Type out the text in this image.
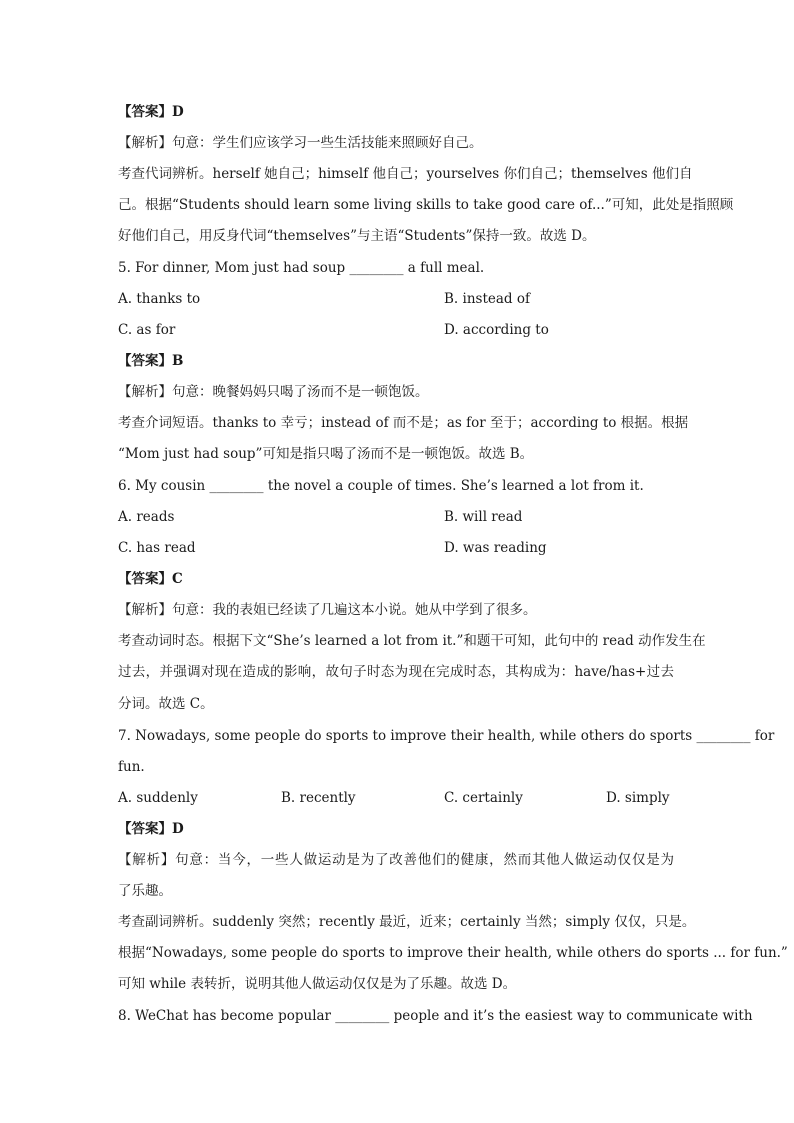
【答案】D
【解析】句意：学生们应该学习一些生活技能来照顾好自己。
考查代词辨析。herself 她自己；himself 他自己；yourselves 你们自己；themselves 他们自
己。根据“Students should learn some living skills to take good care of...”可知，此处是指照顾
好他们自己，用反身代词“themselves”与主语“Students”保持一致。故选 D。
5. For dinner, Mom just had soup ________ a full meal.
A. thanks to	B. instead of
C. as for	D. according to
【答案】B
【解析】句意：晚餐妈妈只喝了汤而不是一顿饱饭。
考查介词短语。thanks to 幸亏；instead of 而不是；as for 至于；according to 根据。根据
“Mom just had soup”可知是指只喝了汤而不是一顿饱饭。故选 B。
6. My cousin ________ the novel a couple of times. She’s learned a lot from it.
A. reads	B. will read
C. has read	D. was reading
【答案】C
【解析】句意：我的表姐已经读了几遍这本小说。她从中学到了很多。
考查动词时态。根据下文“She’s learned a lot from it.”和题干可知，此句中的 read 动作发生在
过去，并强调对现在造成的影响，故句子时态为现在完成时态，其构成为：have/has+过去
分词。故选 C。
7. Nowadays, some people do sports to improve their health, while others do sports ________ for
fun.
A. suddenly	B. recently	C. certainly	D. simply
【答案】D
【解析】句意：当今，一些人做运动是为了改善他们的健康，然而其他人做运动仅仅是为
了乐趣。
考查副词辨析。suddenly 突然；recently 最近，近来；certainly 当然；simply 仅仅，只是。
根据“Nowadays, some people do sports to improve their health, while others do sports ... for fun.”
可知 while 表转折，说明其他人做运动仅仅是为了乐趣。故选 D。
8. WeChat has become popular ________ people and it’s the easiest way to communicate with
